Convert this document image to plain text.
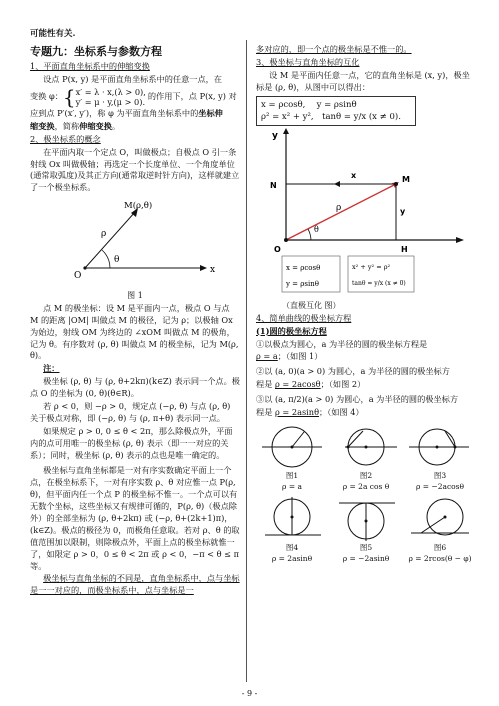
可能性有关.

专题九：坐标系与参数方程

1、平面直角坐标系中的伸缩变换

设点 P(x, y) 是平面直角坐标系中的任意一点，在

变换 φ： { x′ = λ · x,(λ > 0),
y′ = μ · y,(μ > 0).
的作用下，点 P(x, y) 对

应到点 P′(x′, y′)，称 φ 为平面直角坐标系中的坐标伸

缩变换，简称伸缩变换。

2、极坐标系的概念

在平面内取一个定点 O，叫做极点；自极点 O 引一条射线 Ox 叫做极轴；再选定一个长度单位、一个角度单位(通常取弧度)及其正方向(通常取逆时针方向)，这样就建立了一个极坐标系。

M(ρ,θ)
ρ
θ
O
x

图 1

点 M 的极坐标：设 M 是平面内一点，极点 O 与点 M 的距离 |OM| 叫做点 M 的极径，记为 ρ；以极轴 Ox 为始边，射线 OM 为终边的 ∠xOM 叫做点 M 的极角，记为 θ。有序数对 (ρ, θ) 叫做点 M 的极坐标，记为 M(ρ, θ)。

注：

极坐标 (ρ, θ) 与 (ρ, θ+2kπ)(k∈Z) 表示同一个点。极点 O 的坐标为 (0, θ)(θ∈R)。

若 ρ < 0，则 −ρ > 0，规定点 (−ρ, θ) 与点 (ρ, θ) 关于极点对称，即 (−ρ, θ) 与 (ρ, π+θ) 表示同一点。

如果规定 ρ > 0, 0 ≤ θ < 2π，那么除极点外，平面内的点可用唯一的极坐标 (ρ, θ) 表示（即一一对应的关系）；同时，极坐标 (ρ, θ) 表示的点也是唯一确定的。

极坐标与直角坐标都是一对有序实数确定平面上一个点，在极坐标系下，一对有序实数 ρ、θ 对应惟一点 P(ρ, θ)，但平面内任一个点 P 的极坐标不惟一。一个点可以有无数个坐标，这些坐标又有规律可循的，P(ρ, θ)（极点除外）的全部坐标为 (ρ, θ+2kπ) 或 (−ρ, θ+(2k+1)π)，(k∈Z)。极点的极径为 0，而极角任意取。若对 ρ、θ 的取值范围加以限制，则除极点外，平面上点的极坐标就惟一了，如限定 ρ > 0，0 ≤ θ < 2π 或 ρ < 0，−π < θ ≤ π 等。

极坐标与直角坐标的不同是，直角坐标系中，点与坐标是一一对应的，而极坐标系中，点与坐标是一

多对应的，即一个点的极坐标是不惟一的。

3、极坐标与直角坐标的互化

设 M 是平面内任意一点，它的直角坐标是 (x, y)，极坐标是 (ρ, θ)，从图中可以得出：

x = ρcosθ,　 y = ρsinθ
ρ² = x² + y²,　tanθ = y/x (x ≠ 0).
y
N
M
x
y
ρ
θ
O	H
x = ρcosθ
y = ρsinθ
x² + y² = ρ²
tanθ = y/x (x ≠ 0)

（直极互化 图）

4、简单曲线的极坐标方程

(1)圆的极坐标方程

①以极点为圆心，a 为半径的圆的极坐标方程是

ρ = a；（如图 1）

②以 (a, 0)(a > 0) 为圆心，a 为半径的圆的极坐标方

程是 ρ = 2acosθ；（如图 2）

③以 (a, π/2)(a > 0) 为圆心，a 为半径的圆的极坐标方

程是 ρ = 2asinθ；（如图 4）

图1
ρ = a
图2
ρ = 2a cos θ
图3
ρ = −2acosθ
图4
ρ = 2asinθ
图5
ρ = −2asinθ
图6
ρ = 2rcos(θ − φ)
- 9 -
